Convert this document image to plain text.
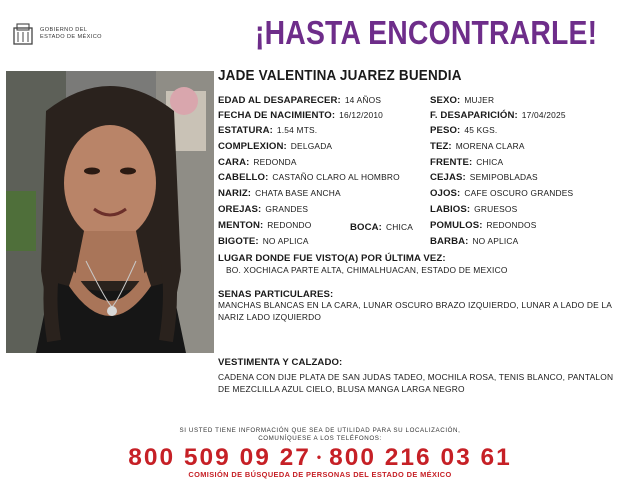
GOBIERNO DEL
ESTADO DE MÉXICO	¡HASTA ENCONTRARLE!
JADE VALENTINA JUAREZ BUENDIA
EDAD AL DESAPARECER: 14 AÑOS
FECHA DE NACIMIENTO: 16/12/2010
ESTATURA: 1.54 MTS.
COMPLEXION: DELGADA
CARA: REDONDA
CABELLO: CASTAÑO CLARO AL HOMBRO
NARIZ: CHATA BASE ANCHA
OREJAS: GRANDES
MENTON: REDONDO	BOCA: CHICA
BIGOTE: NO APLICA
SEXO: MUJER
F. DESAPARICIÓN: 17/04/2025
PESO: 45 KGS.
TEZ: MORENA CLARA
FRENTE: CHICA
CEJAS: SEMIPOBLADAS
OJOS: CAFE OSCURO GRANDES
LABIOS: GRUESOS
POMULOS: REDONDOS
BARBA: NO APLICA
LUGAR DONDE FUE VISTO(A) POR ÚLTIMA VEZ:
BO. XOCHIACA PARTE ALTA, CHIMALHUACAN, ESTADO DE MEXICO
SENAS PARTICULARES:
MANCHAS BLANCAS EN LA CARA, LUNAR OSCURO BRAZO IZQUIERDO, LUNAR A LADO DE LA NARIZ LADO IZQUIERDO
VESTIMENTA Y CALZADO:
CADENA CON DIJE PLATA DE SAN JUDAS TADEO, MOCHILA ROSA, TENIS BLANCO, PANTALON DE MEZCLILLA AZUL CIELO, BLUSA MANGA LARGA NEGRO
SI USTED TIENE INFORMACIÓN QUE SEA DE UTILIDAD PARA SU LOCALIZACIÓN,
COMUNÍQUESE A LOS TELÉFONOS:
800 509 09 27 • 800 216 03 61
COMISIÓN DE BÚSQUEDA DE PERSONAS DEL ESTADO DE MÉXICO
